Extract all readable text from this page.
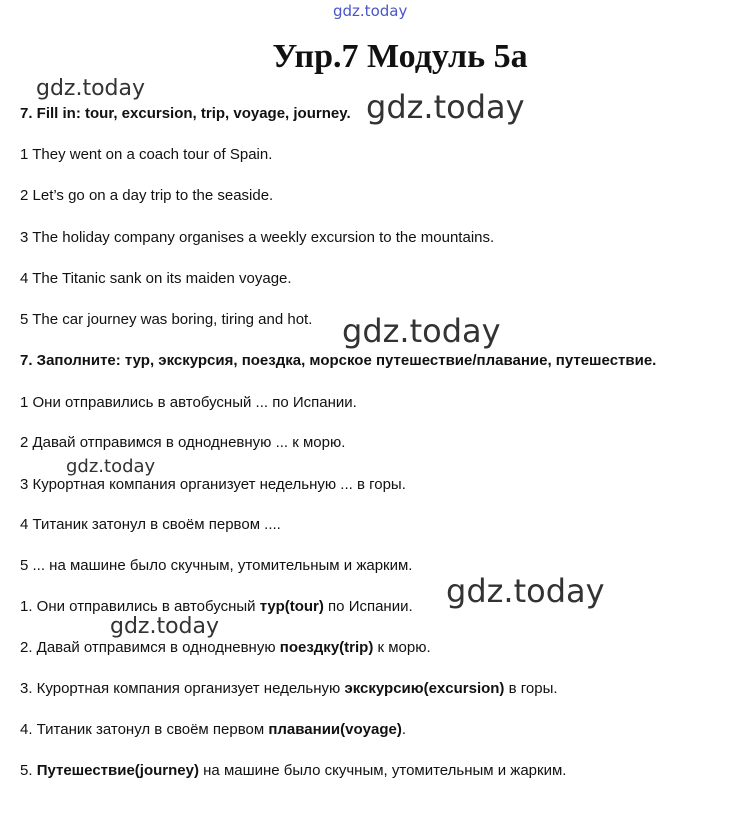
gdz.today
Упр.7 Модуль 5а
gdz.today	gdz.today
7. Fill in: tour, excursion, trip, voyage, journey.
1 They went on a coach tour of Spain.
2 Let’s go on a day trip to the seaside.
3 The holiday company organises a weekly excursion to the mountains.
4 The Titanic sank on its maiden voyage.
5 The car journey was boring, tiring and hot. gdz.today
7. Заполните: тур, экскурсия, поездка, морское путешествие/плавание, путешествие.
1 Они отправились в автобусный ... по Испании.
2 Давай отправимся в однодневную ... к морю.
gdz.today
3 Курортная компания организует недельную ... в горы.
4 Титаник затонул в своём первом ....
5 ... на машине было скучным, утомительным и жарким.
gdz.today
1. Они отправились в автобусный тур(tour) по Испании.
gdz.today
2. Давай отправимся в однодневную поездку(trip) к морю.
3. Курортная компания организует недельную экскурсию(excursion) в горы.
4. Титаник затонул в своём первом плавании(voyage).
5. Путешествие(journey) на машине было скучным, утомительным и жарким.
